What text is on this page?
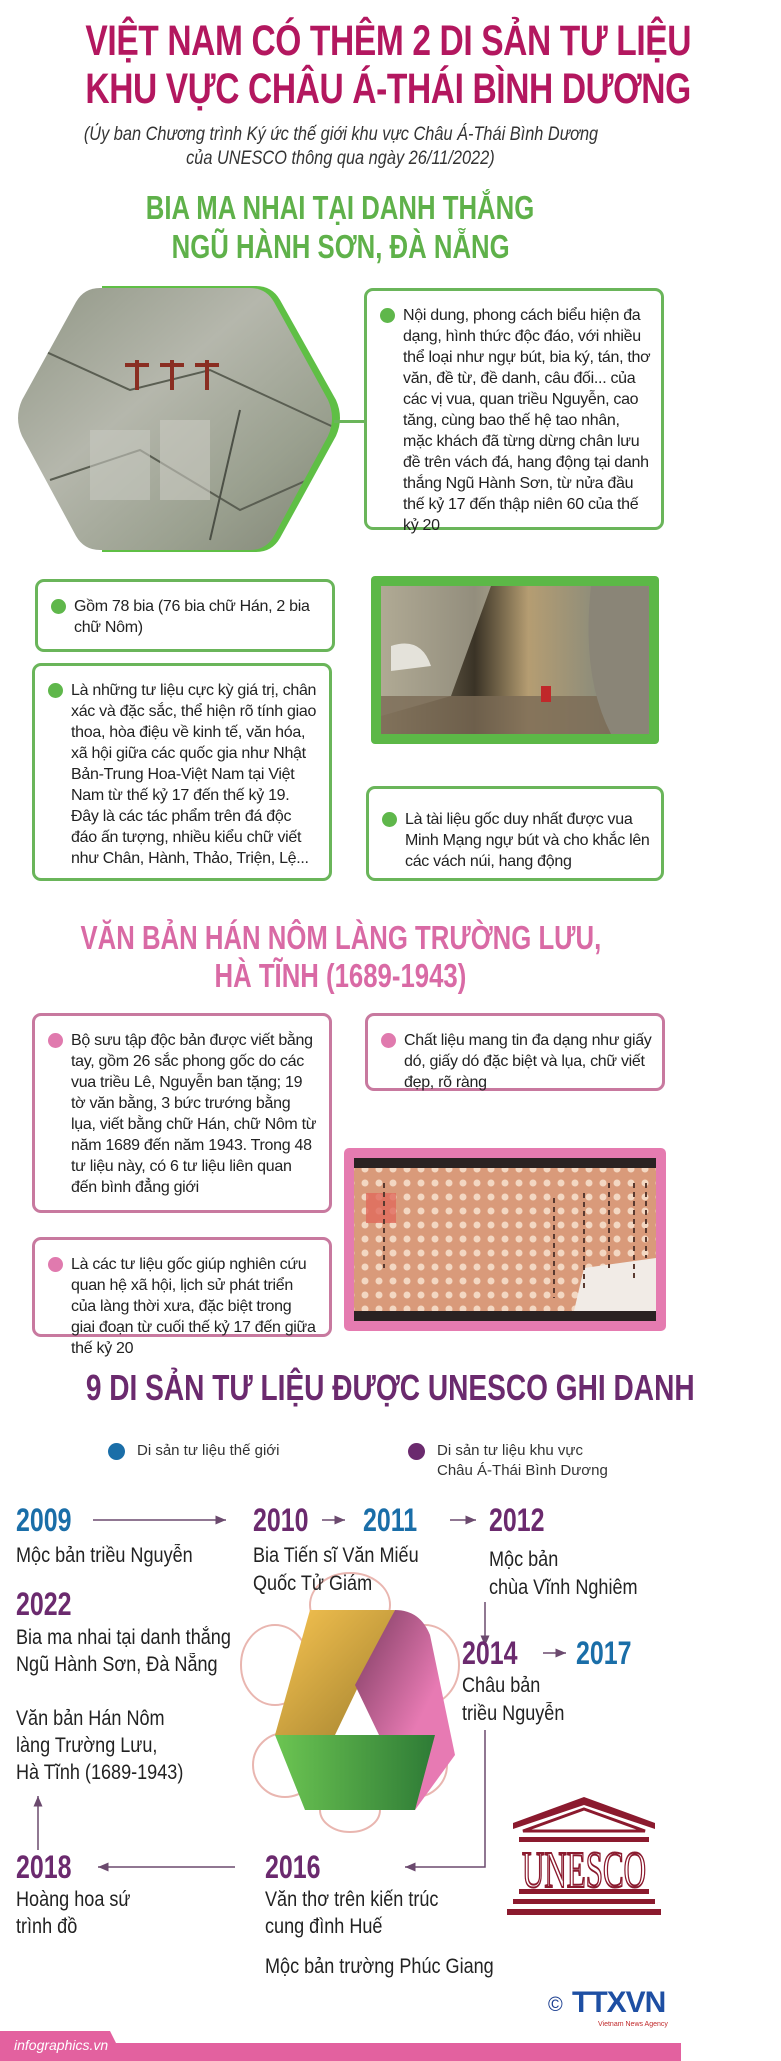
VIỆT NAM CÓ THÊM 2 DI SẢN TƯ LIỆU
KHU VỰC CHÂU Á-THÁI BÌNH DƯƠNG
(Ủy ban Chương trình Ký ức thế giới khu vực Châu Á-Thái Bình Dương
của UNESCO thông qua ngày 26/11/2022)
BIA MA NHAI TẠI DANH THẮNG
NGŨ HÀNH SƠN, ĐÀ NẴNG
Nội dung, phong cách biểu hiện đa dạng, hình thức độc đáo, với nhiều thể loại như ngự bút, bia ký, tán, thơ văn, đề từ, đề danh, câu đối... của các vị vua, quan triều Nguyễn, cao tăng, cùng bao thế hệ tao nhân, mặc khách đã từng dừng chân lưu đề trên vách đá, hang động tại danh thắng Ngũ Hành Sơn, từ nửa đầu thế kỷ 17 đến thập niên 60 của thế kỷ 20
Gồm 78 bia (76 bia chữ Hán, 2 bia chữ Nôm)
Là những tư liệu cực kỳ giá trị, chân xác và đặc sắc, thể hiện rõ tính giao thoa, hòa điệu về kinh tế, văn hóa, xã hội giữa các quốc gia như Nhật Bản-Trung Hoa-Việt Nam tại Việt Nam từ thế kỷ 17 đến thế kỷ 19. Đây là các tác phẩm trên đá độc đáo ấn tượng, nhiều kiểu chữ viết như Chân, Hành, Thảo, Triện, Lệ...
Là tài liệu gốc duy nhất được vua Minh Mạng ngự bút và cho khắc lên các vách núi, hang động
VĂN BẢN HÁN NÔM LÀNG TRƯỜNG LƯU,
HÀ TĨNH (1689-1943)
Bộ sưu tập độc bản được viết bằng tay, gồm 26 sắc phong gốc do các vua triều Lê, Nguyễn ban tặng; 19 tờ văn bằng, 3 bức trướng bằng lụa, viết bằng chữ Hán, chữ Nôm từ năm 1689 đến năm 1943. Trong 48 tư liệu này, có 6 tư liệu liên quan đến bình đẳng giới
Chất liệu mang tin đa dạng như giấy dó, giấy dó đặc biệt và lụa, chữ viết đẹp, rõ ràng
Là các tư liệu gốc giúp nghiên cứu quan hệ xã hội, lịch sử phát triển của làng thời xưa, đặc biệt trong giai đoạn từ cuối thế kỷ 17 đến giữa thế kỷ 20
9 DI SẢN TƯ LIỆU ĐƯỢC UNESCO GHI DANH
Di sản tư liệu thế giới	Di sản tư liệu khu vực
Châu Á-Thái Bình Dương
UNESCO
2009
Mộc bản triều Nguyễn
2010	2011
Bia Tiến sĩ Văn Miếu
Quốc Tử Giám
2012
Mộc bản
chùa Vĩnh Nghiêm
2022
Bia ma nhai tại danh thắng
Ngũ Hành Sơn, Đà Nẵng
Văn bản Hán Nôm
làng Trường Lưu,
Hà Tĩnh (1689-1943)
2014	2017
Châu bản
triều Nguyễn
2018
Hoàng hoa sứ
trình đồ
2016
Văn thơ trên kiến trúc
cung đình Huế
Mộc bản trường Phúc Giang
© TTXVN
Vietnam News Agency
infographics.vn
